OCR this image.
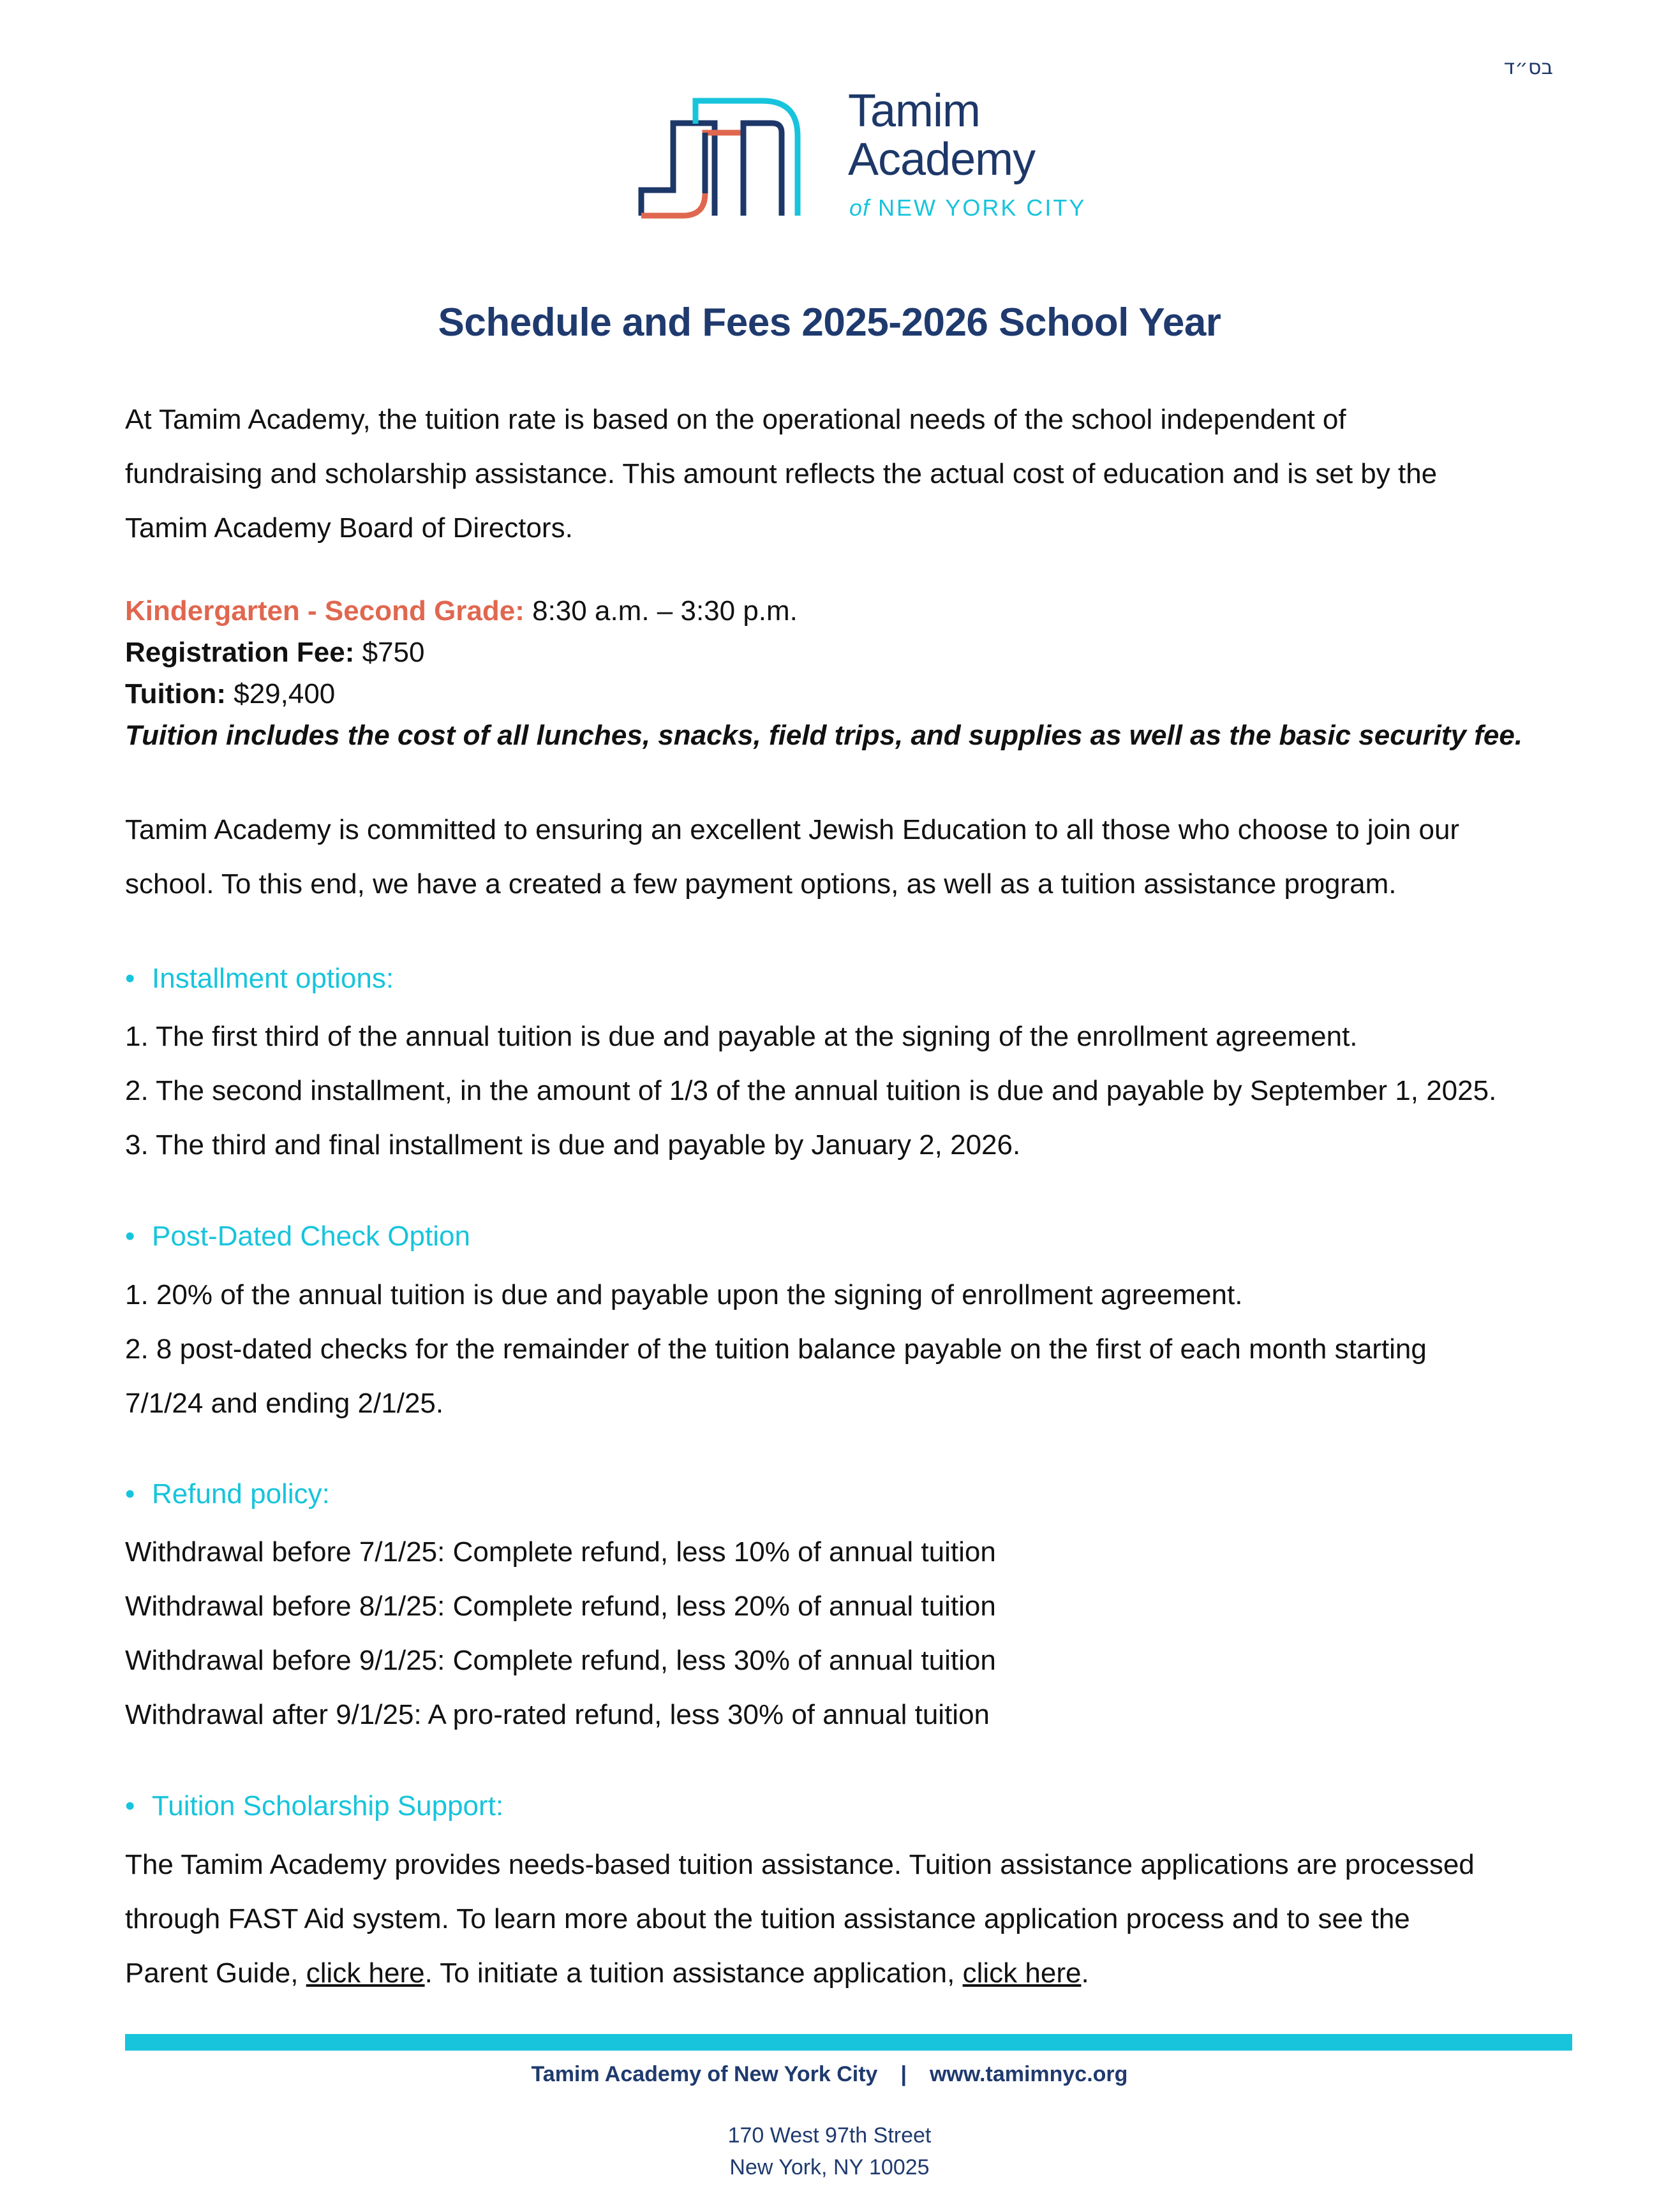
בס״ד
Tamim
Academy
of NEW YORK CITY
Schedule and Fees 2025-2026 School Year
At Tamim Academy, the tuition rate is based on the operational needs of the school independent of
fundraising and scholarship assistance. This amount reflects the actual cost of education and is set by the
Tamim Academy Board of Directors.
Kindergarten - Second Grade: 8:30 a.m. – 3:30 p.m.
Registration Fee: $750
Tuition: $29,400
Tuition includes the cost of all lunches, snacks, field trips, and supplies as well as the basic security fee.
Tamim Academy is committed to ensuring an excellent Jewish Education to all those who choose to join our
school. To this end, we have a created a few payment options, as well as a tuition assistance program.
• Installment options:
1. The first third of the annual tuition is due and payable at the signing of the enrollment agreement.
2. The second installment, in the amount of 1/3 of the annual tuition is due and payable by September 1, 2025.
3. The third and final installment is due and payable by January 2, 2026.
• Post-Dated Check Option
1. 20% of the annual tuition is due and payable upon the signing of enrollment agreement.
2. 8 post-dated checks for the remainder of the tuition balance payable on the first of each month starting
7/1/24 and ending 2/1/25.
• Refund policy:
Withdrawal before 7/1/25: Complete refund, less 10% of annual tuition
Withdrawal before 8/1/25: Complete refund, less 20% of annual tuition
Withdrawal before 9/1/25: Complete refund, less 30% of annual tuition
Withdrawal after 9/1/25: A pro-rated refund, less 30% of annual tuition
• Tuition Scholarship Support:
The Tamim Academy provides needs-based tuition assistance. Tuition assistance applications are processed
through FAST Aid system. To learn more about the tuition assistance application process and to see the
Parent Guide, click here. To initiate a tuition assistance application, click here.
Tamim Academy of New York City | www.tamimnyc.org
170 West 97th Street
New York, NY 10025
